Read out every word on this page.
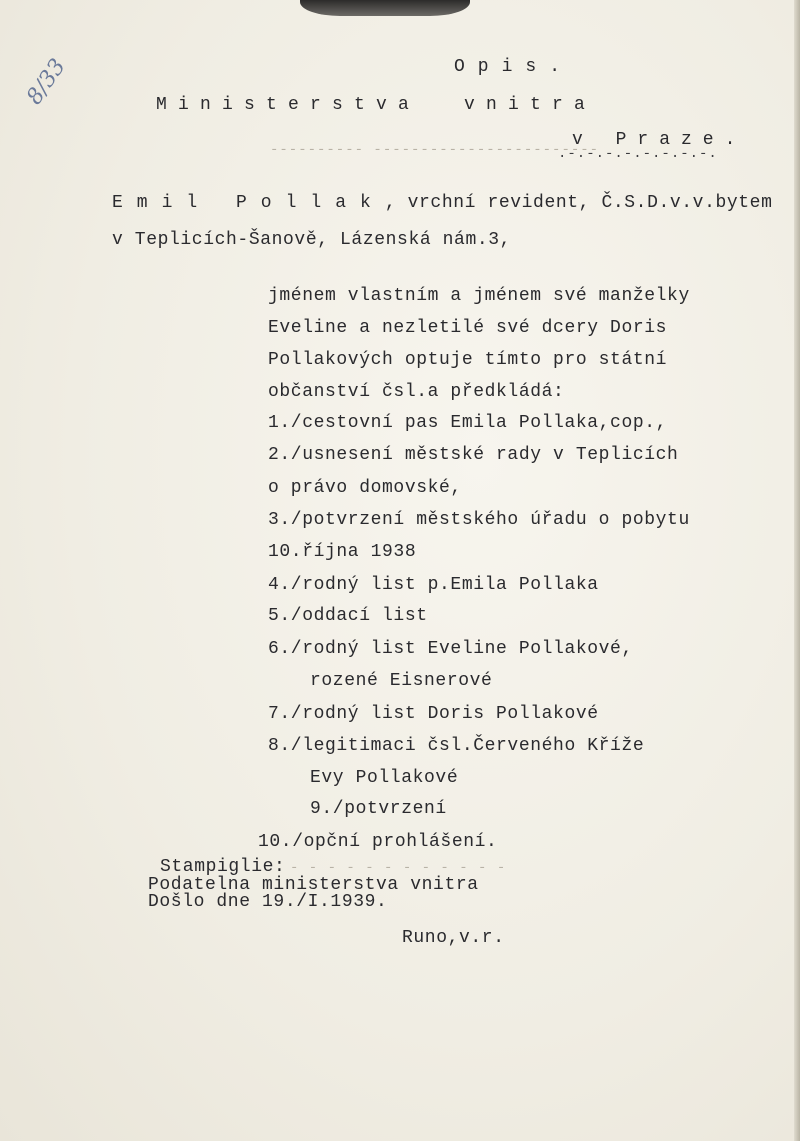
8/33	Opis.
Ministerstva  vnitra
v Praze.
---------- ------------------------
.-.-.-.-.-.-.-.-.
Emil Pollak, vrchní revident, Č.S.D.v.v.bytem
v Teplicích-Šanově, Lázenská nám.3,
jménem vlastním a jménem své manželky
Eveline a nezletilé své dcery Doris
Pollakových optuje tímto pro státní
občanství čsl.a předkládá:
1./cestovní pas Emila Pollaka,cop.,
2./usnesení městské rady v Teplicích
o právo domovské,
3./potvrzení městského úřadu o pobytu
10.října 1938
4./rodný list p.Emila Pollaka
5./oddací list
6./rodný list Eveline Pollakové,
rozené Eisnerové
7./rodný list Doris Pollakové
8./legitimaci čsl.Červeného Kříže
Evy Pollakové
9./potvrzení
10./opční prohlášení.
Stampiglie: - - - - - - - - - - - -
Podatelna ministerstva vnitra
Došlo dne 19./I.1939.
Runo,v.r.
